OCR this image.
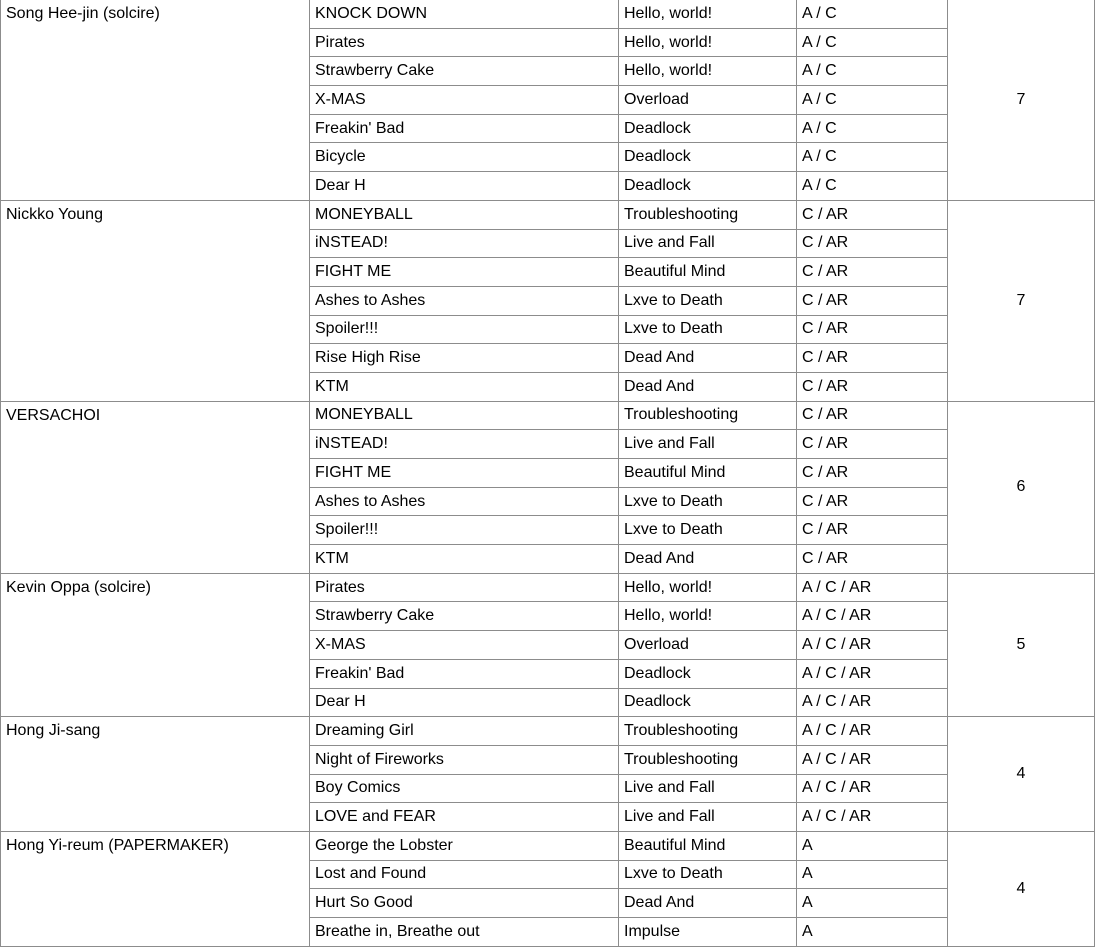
Song Hee-jin (solcire)	KNOCK DOWN	Hello, world!	A / C	7
	Pirates	Hello, world!	A / C	
	Strawberry Cake	Hello, world!	A / C	
	X-MAS	Overload	A / C	
	Freakin' Bad	Deadlock	A / C	
	Bicycle	Deadlock	A / C	
	Dear H	Deadlock	A / C	
Nickko Young	MONEYBALL	Troubleshooting	C / AR	7
	iNSTEAD!	Live and Fall	C / AR	
	FIGHT ME	Beautiful Mind	C / AR	
	Ashes to Ashes	Lxve to Death	C / AR	
	Spoiler!!!	Lxve to Death	C / AR	
	Rise High Rise	Dead And	C / AR	
	KTM	Dead And	C / AR	
VERSACHOI	MONEYBALL	Troubleshooting	C / AR	6
	iNSTEAD!	Live and Fall	C / AR	
	FIGHT ME	Beautiful Mind	C / AR	
	Ashes to Ashes	Lxve to Death	C / AR	
	Spoiler!!!	Lxve to Death	C / AR	
	KTM	Dead And	C / AR	
Kevin Oppa (solcire)	Pirates	Hello, world!	A / C / AR	5
	Strawberry Cake	Hello, world!	A / C / AR	
	X-MAS	Overload	A / C / AR	
	Freakin' Bad	Deadlock	A / C / AR	
	Dear H	Deadlock	A / C / AR	
Hong Ji-sang	Dreaming Girl	Troubleshooting	A / C / AR	4
	Night of Fireworks	Troubleshooting	A / C / AR	
	Boy Comics	Live and Fall	A / C / AR	
	LOVE and FEAR	Live and Fall	A / C / AR	
Hong Yi-reum (PAPERMAKER)	George the Lobster	Beautiful Mind	A	4
	Lost and Found	Lxve to Death	A	
	Hurt So Good	Dead And	A	
	Breathe in, Breathe out	Impulse	A	
